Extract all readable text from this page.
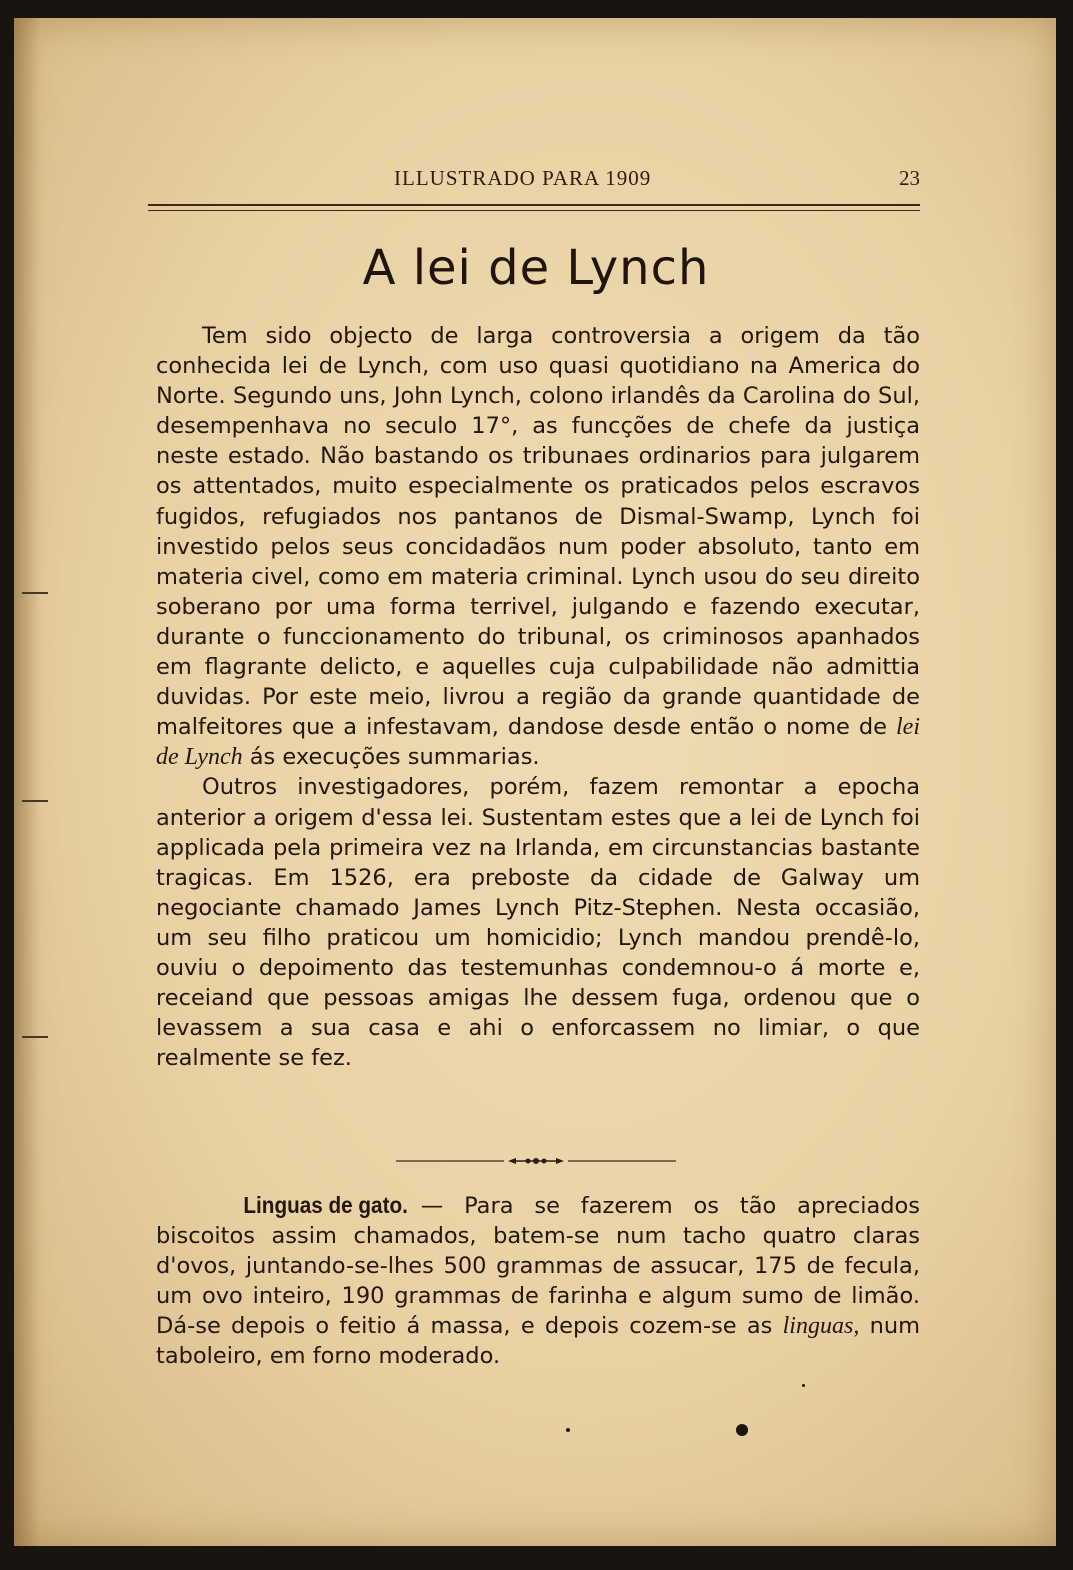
ILLUSTRADO PARA 1909	23
A lei de Lynch

Tem sido objecto de larga controversia a origem da tão conhecida lei de Lynch, com uso quasi quotidiano na America do Norte. Segundo uns, John Lynch, colono irlandês da Carolina do Sul, desempenhava no seculo 17°, as funcções de chefe da justiça neste estado. Não bastando os tribunaes ordinarios para julgarem os attentados, muito especialmente os praticados pelos escravos fugidos, refugiados nos pantanos de Dismal-Swamp, Lynch foi investido pelos seus concidadãos num poder absoluto, tanto em materia civel, como em materia criminal. Lynch usou do seu direito soberano por uma forma terrivel, julgando e fazendo executar, durante o funccionamento do tribunal, os criminosos apanhados em flagrante delicto, e aquelles cuja culpabilidade não admittia duvidas. Por este meio, livrou a região da grande quantidade de malfeitores que a infestavam, dandose desde então o nome de lei de Lynch ás execuções summarias.

Outros investigadores, porém, fazem remontar a epocha anterior a origem d'essa lei. Sustentam estes que a lei de Lynch foi applicada pela primeira vez na Irlanda, em circunstancias bastante tragicas. Em 1526, era preboste da cidade de Galway um negociante chamado James Lynch Pitz-Stephen. Nesta occasião, um seu filho praticou um homicidio; Lynch mandou prendê-lo, ouviu o depoimento das testemunhas condemnou-o á morte e, receiand que pessoas amigas lhe dessem fuga, ordenou que o levassem a sua casa e ahi o enforcassem no limiar, o que realmente se fez.

Linguas de gato. — Para se fazerem os tão apreciados biscoitos assim chamados, batem-se num tacho quatro claras d'ovos, juntando-se-lhes 500 grammas de assucar, 175 de fecula, um ovo inteiro, 190 grammas de farinha e algum sumo de limão. Dá-se depois o feitio á massa, e depois cozem-se as linguas, num taboleiro, em forno moderado.
